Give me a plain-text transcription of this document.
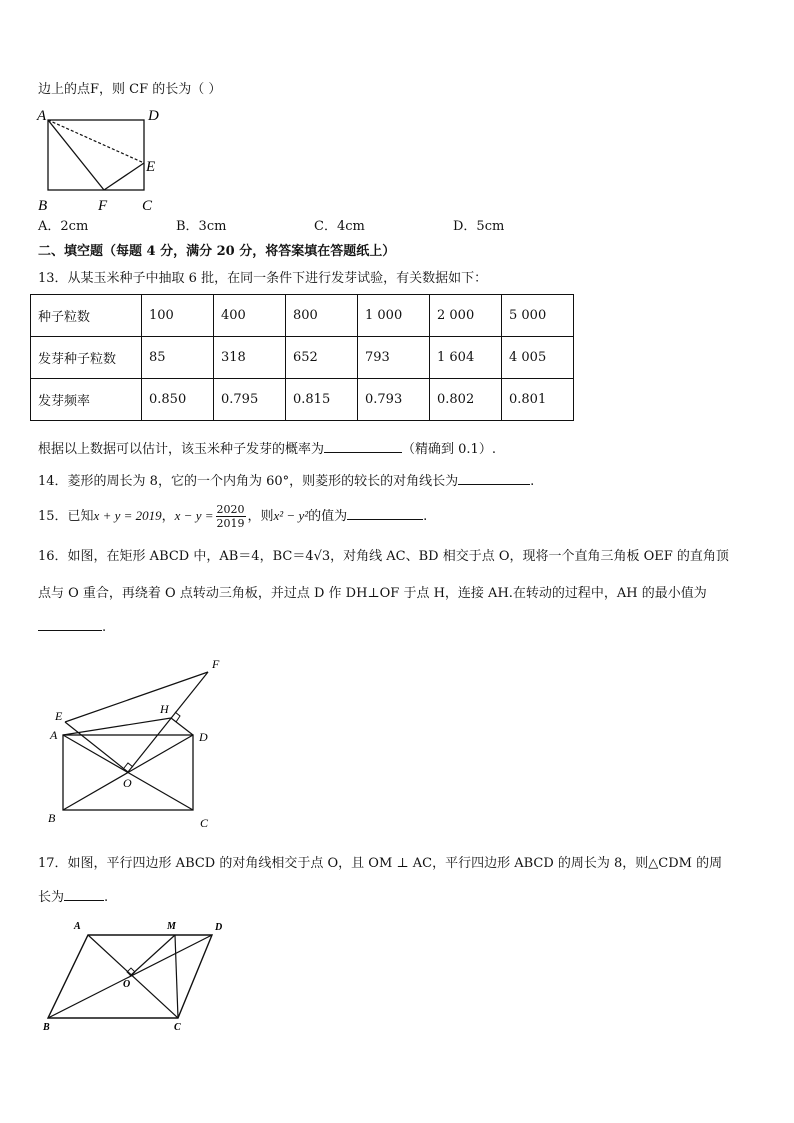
边上的点F，则 CF 的长为（ ）
A	D
E
B	F C
A．2cm	B．3cm	C．4cm	D．5cm
二、填空题（每题 4 分，满分 20 分，将答案填在答题纸上）
13．从某玉米种子中抽取 6 批，在同一条件下进行发芽试验，有关数据如下：
种子粒数	100	400	800	1 000	2 000	5 000
发芽种子粒数	85	318	652	793	1 604	4 005
发芽频率	0.850	0.795	0.815	0.793	0.802	0.801
根据以上数据可以估计，该玉米种子发芽的概率为	（精确到 0.1）.
14．菱形的周长为 8，它的一个内角为 60°，则菱形的较长的对角线长为	.
15．已知x + y = 2019，$x - y = \frac{2020}{2019}$ ，则x² − y²的值为	.
16．如图，在矩形 ABCD 中，AB＝4，BC＝4√3，对角线 AC、BD 相交于点 O，现将一个直角三角板 OEF 的直角顶
点与 O 重合，再绕着 O 点转动三角板，并过点 D 作 DH⊥OF 于点 H，连接 AH.在转动的过程中，AH 的最小值为
.
F
H
E
A	D
O
B	C
17．如图，平行四边形 ABCD 的对角线相交于点 O，且 OM ⊥ AC，平行四边形 ABCD 的周长为 8，则△CDM 的周
长为	.
A	M	D
O
B	C
